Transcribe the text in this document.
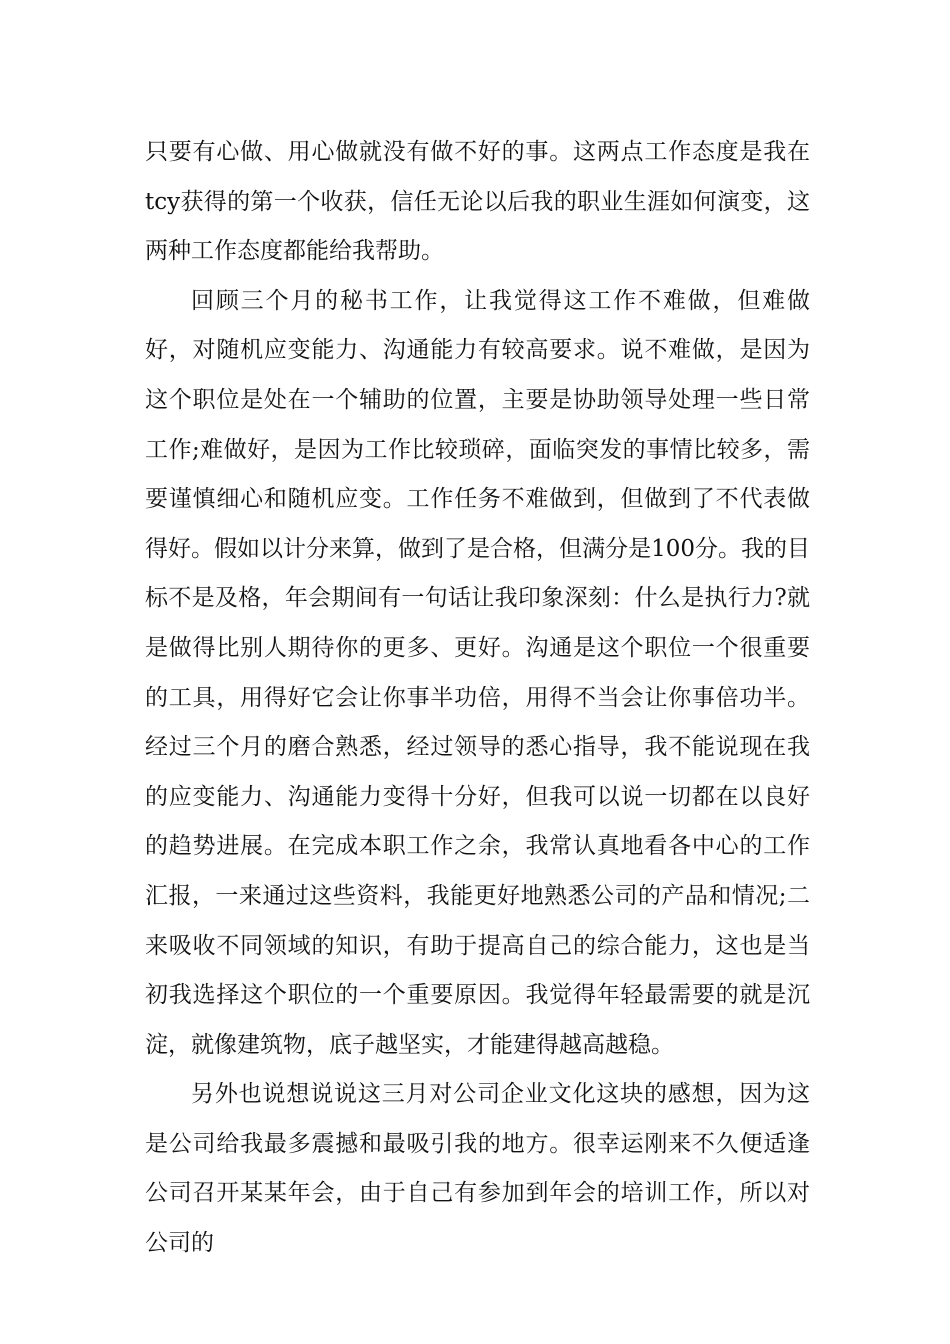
只要有心做、用心做就没有做不好的事。这两点工作态度是我在tcy获得的第一个收获，信任无论以后我的职业生涯如何演变，这两种工作态度都能给我帮助。

回顾三个月的秘书工作，让我觉得这工作不难做，但难做好，对随机应变能力、沟通能力有较高要求。说不难做，是因为这个职位是处在一个辅助的位置，主要是协助领导处理一些日常工作;难做好，是因为工作比较琐碎，面临突发的事情比较多，需要谨慎细心和随机应变。工作任务不难做到，但做到了不代表做得好。假如以计分来算，做到了是合格，但满分是100分。我的目标不是及格，年会期间有一句话让我印象深刻：什么是执行力?就是做得比别人期待你的更多、更好。沟通是这个职位一个很重要的工具，用得好它会让你事半功倍，用得不当会让你事倍功半。经过三个月的磨合熟悉，经过领导的悉心指导，我不能说现在我的应变能力、沟通能力变得十分好，但我可以说一切都在以良好的趋势进展。在完成本职工作之余，我常认真地看各中心的工作汇报，一来通过这些资料，我能更好地熟悉公司的产品和情况;二来吸收不同领域的知识，有助于提高自己的综合能力，这也是当初我选择这个职位的一个重要原因。我觉得年轻最需要的就是沉淀，就像建筑物，底子越坚实，才能建得越高越稳。

另外也说想说说这三月对公司企业文化这块的感想，因为这是公司给我最多震撼和最吸引我的地方。很幸运刚来不久便适逢公司召开某某年会，由于自己有参加到年会的培训工作，所以对公司的
